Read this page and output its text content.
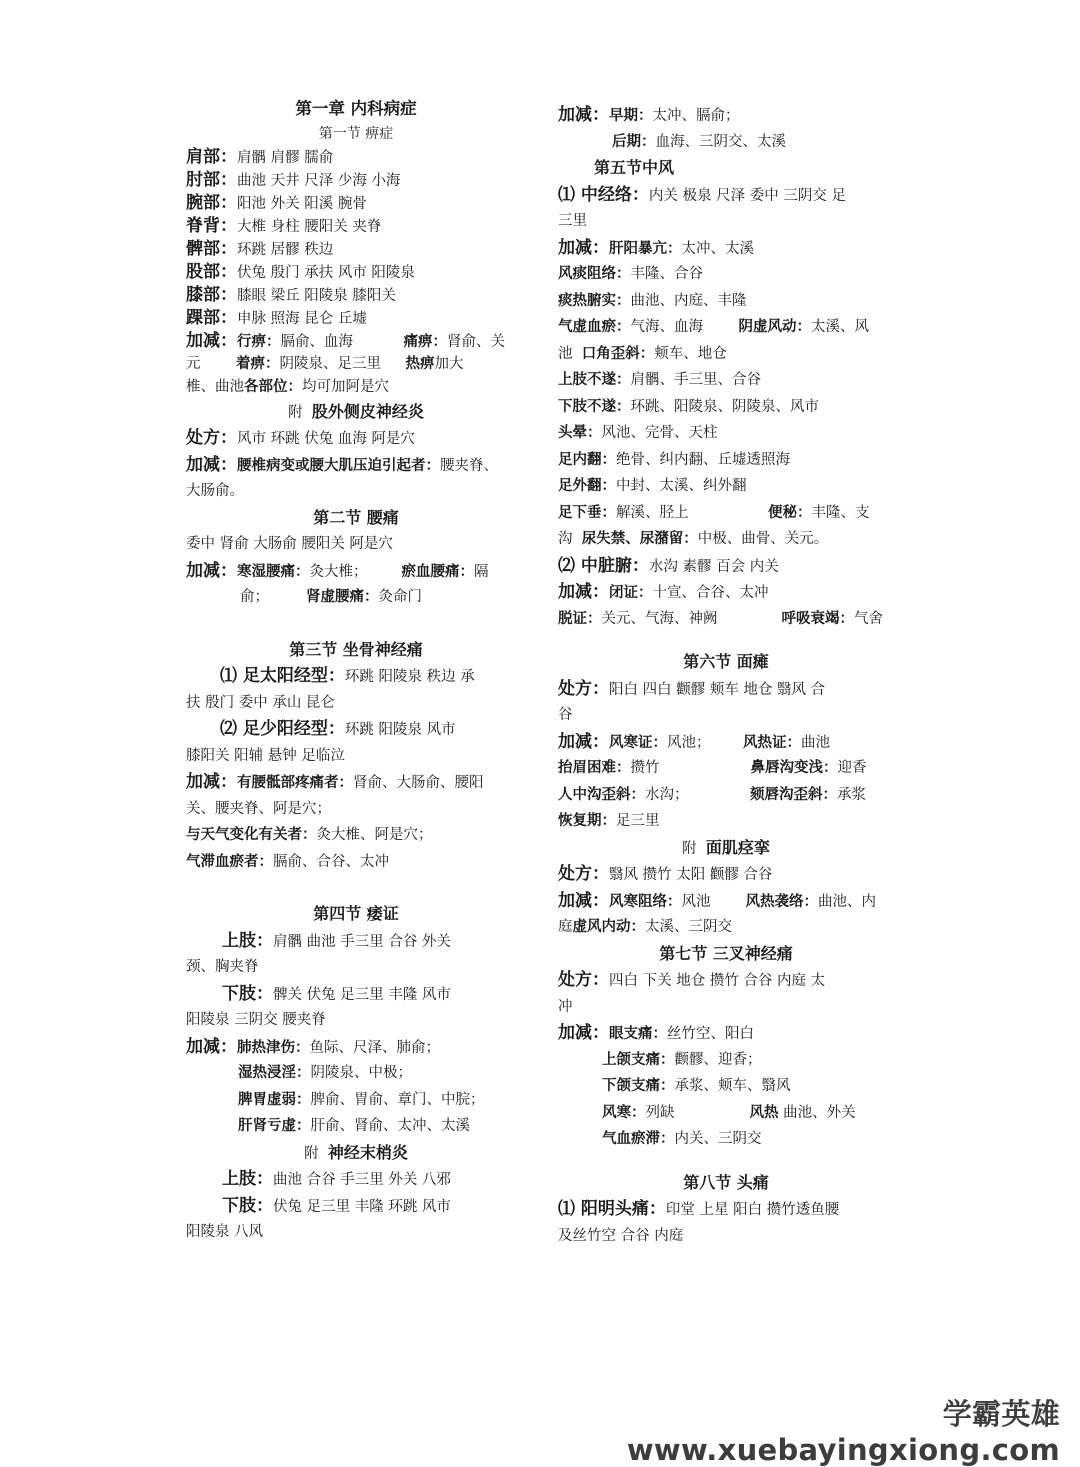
第一章 内科病症
第一节 痹症
肩部：肩髃 肩髎 臑俞
肘部：曲池 天井 尺泽 少海 小海
腕部：阳池 外关 阳溪 腕骨
脊背：大椎 身柱 腰阳关 夹脊
髀部：环跳 居髎 秩边
股部：伏兔 殷门 承扶 风市 阳陵泉
膝部：膝眼 梁丘 阳陵泉 膝阳关
踝部：申脉 照海 昆仑 丘墟
加减：行痹：膈俞、血海	痛痹：肾俞、关
元 着痹：阴陵泉、足三里 热痹加大
椎、曲池各部位：均可加阿是穴
附 股外侧皮神经炎
处方：风市 环跳 伏兔 血海 阿是穴
加减：腰椎病变或腰大肌压迫引起者：腰夹脊、
大肠俞。
第二节 腰痛
委中 肾俞 大肠俞 腰阳关 阿是穴
加减：寒湿腰痛：灸大椎； 瘀血腰痛：隔
俞；	肾虚腰痛：灸命门
第三节 坐骨神经痛
⑴ 足太阳经型：环跳 阳陵泉 秩边 承
扶 殷门 委中 承山 昆仑
⑵ 足少阳经型：环跳 阳陵泉 风市
膝阳关 阳辅 悬钟 足临泣
加减：有腰骶部疼痛者：肾俞、大肠俞、腰阳
关、腰夹脊、阿是穴；
与天气变化有关者：灸大椎、阿是穴；
气滞血瘀者：膈俞、合谷、太冲
第四节 痿证
上肢：肩髃 曲池 手三里 合谷 外关
颈、胸夹脊
下肢：髀关 伏兔 足三里 丰隆 风市
阳陵泉 三阴交 腰夹脊
加减：肺热津伤：鱼际、尺泽、肺俞；
湿热浸淫：阴陵泉、中极；
脾胃虚弱：脾俞、胃俞、章门、中脘；
肝肾亏虚：肝俞、肾俞、太冲、太溪
附 神经末梢炎
上肢：曲池 合谷 手三里 外关 八邪
下肢：伏兔 足三里 丰隆 环跳 风市
阳陵泉 八风
加减：早期：太冲、膈俞；
后期：血海、三阴交、太溪
第五节中风
⑴ 中经络：内关 极泉 尺泽 委中 三阴交 足
三里
加减：肝阳暴亢：太冲、太溪
风痰阻络：丰隆、合谷
痰热腑实：曲池、内庭、丰隆
气虚血瘀：气海、血海 阴虚风动：太溪、风
池 口角歪斜：颊车、地仓
上肢不遂：肩髃、手三里、合谷
下肢不遂：环跳、阳陵泉、阴陵泉、风市
头晕：风池、完骨、天柱
足内翻：绝骨、纠内翻、丘墟透照海
足外翻：中封、太溪、纠外翻
足下垂：解溪、胫上	便秘：丰隆、支
沟 尿失禁、尿潴留：中极、曲骨、关元。
⑵ 中脏腑：水沟 素髎 百会 内关
加减：闭证：十宣、合谷、太冲
脱证：关元、气海、神阙	呼吸衰竭：气舍
第六节 面瘫
处方：阳白 四白 颧髎 颊车 地仓 翳风 合
谷
加减：风寒证：风池； 风热证：曲池
抬眉困难：攒竹	鼻唇沟变浅：迎香
人中沟歪斜：水沟；	颏唇沟歪斜：承浆
恢复期：足三里
附 面肌痉挛
处方：翳风 攒竹 太阳 颧髎 合谷
加减：风寒阻络：风池 风热袭络：曲池、内
庭虚风内动：太溪、三阴交
第七节 三叉神经痛
处方：四白 下关 地仓 攒竹 合谷 内庭 太
冲
加减：眼支痛：丝竹空、阳白
上颌支痛：颧髎、迎香；
下颌支痛：承浆、颊车、翳风
风寒：列缺	风热 曲池、外关
气血瘀滞：内关、三阴交
第八节 头痛
⑴ 阳明头痛：印堂 上星 阳白 攒竹透鱼腰
及丝竹空 合谷 内庭
学霸英雄 www.xuebayingxiong.com
